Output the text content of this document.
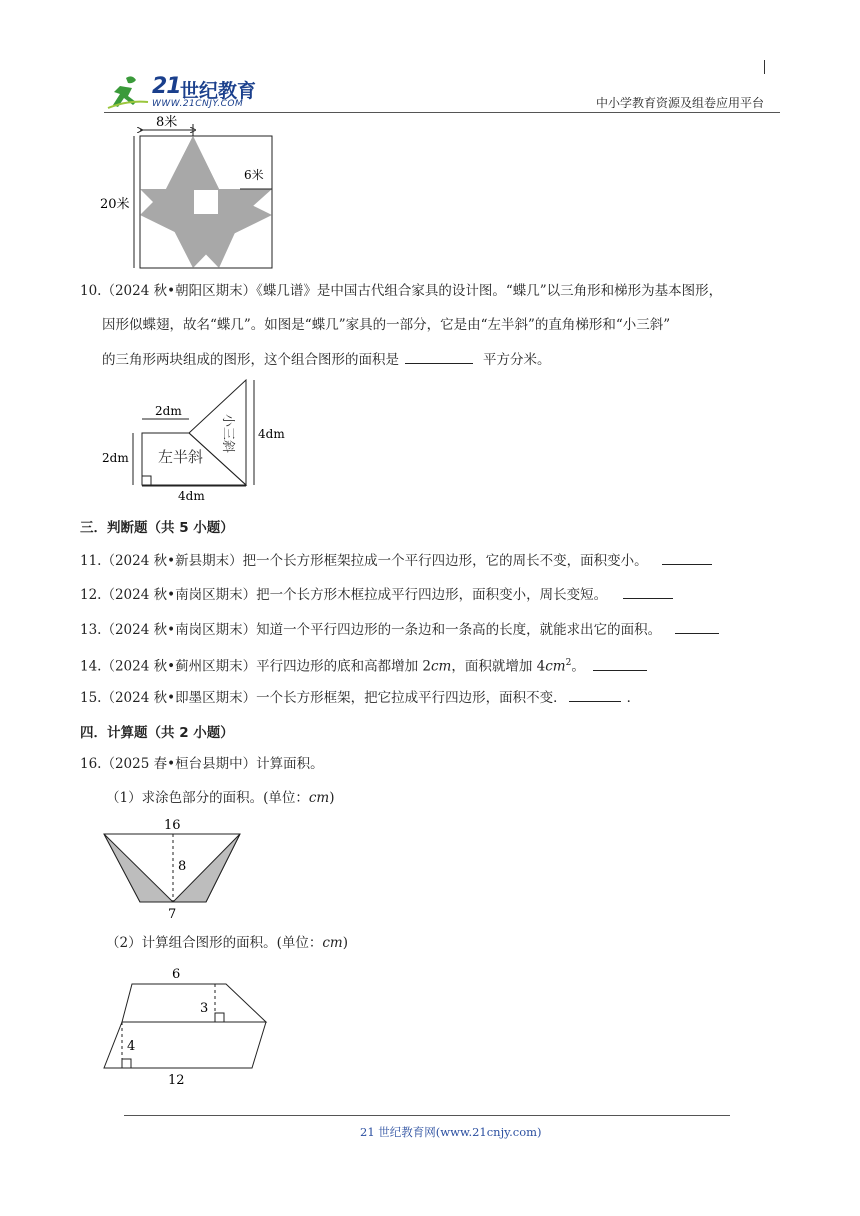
21 世纪教育
WWW.21CNJY.COM	中小学教育资源及组卷应用平台
8米
6米
20米
10.（2024 秋•朝阳区期末）《蝶几谱》是中国古代组合家具的设计图。“蝶几”以三角形和梯形为基本图形，
因形似蝶翅，故名“蝶几”。如图是“蝶几”家具的一部分，它是由“左半斜”的直角梯形和“小三斜”
的三角形两块组成的图形，这个组合图形的面积是	平方分米。
2dm
2dm
4dm
4dm
左半斜
小三斜
三．判断题（共 5 小题）
11.（2024 秋•新县期末）把一个长方形框架拉成一个平行四边形，它的周长不变，面积变小。
12.（2024 秋•南岗区期末）把一个长方形木框拉成平行四边形，面积变小，周长变短。
13.（2024 秋•南岗区期末）知道一个平行四边形的一条边和一条高的长度，就能求出它的面积。
14.（2024 秋•蓟州区期末）平行四边形的底和高都增加 2cm，面积就增加 $4cm^2$。
15.（2024 秋•即墨区期末）一个长方形框架，把它拉成平行四边形，面积不变．	．
四．计算题（共 2 小题）
16.（2025 春•桓台县期中）计算面积。
（1）求涂色部分的面积。(单位：cm)
16
8
7
（2）计算组合图形的面积。(单位：cm)
6
3
4
12
21 世纪教育网(www.21cnjy.com)
